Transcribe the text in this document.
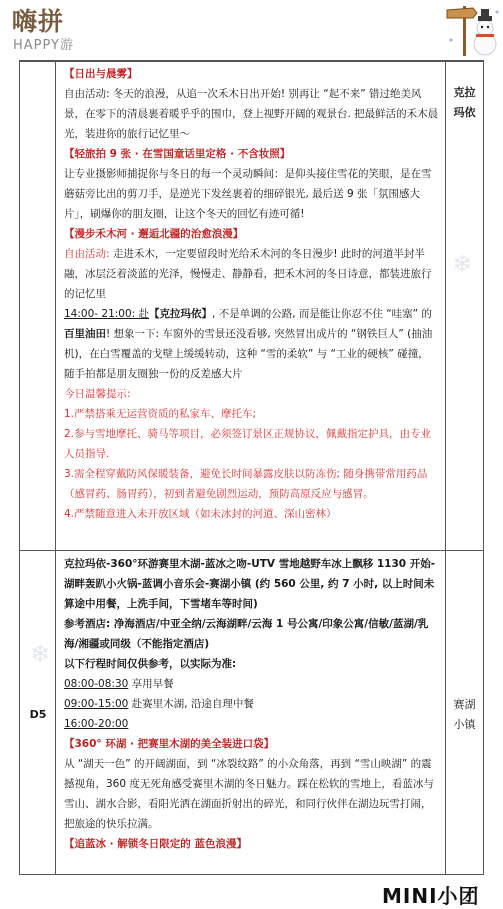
嗨拼
HAPPY游
❄
❄
克拉
玛依

【日出与晨雾】

自由活动: 冬天的浪漫，从追一次禾木日出开始! 别再让 “起不来” 错过绝美风景，在零下的清晨裹着暖乎乎的围巾，登上视野开阔的观景台. 把最鲜活的禾木晨光，装进你的旅行记忆里～

【轻旅拍 9 张 · 在雪国童话里定格 · 不含妆照】

让专业摄影师捕捉你与冬日的每一个灵动瞬间：是仰头接住雪花的笑眼，是在雪蘑菇旁比出的剪刀手，是逆光下发丝裹着的细碎银光, 最后送 9 张「氛围感大片」，刷爆你的朋友圈，让这个冬天的回忆有迹可循!

【漫步禾木河 · 邂逅北疆的治愈浪漫】

自由活动: 走进禾木，一定要留段时光给禾木河的冬日漫步! 此时的河道半封半融，冰层泛着淡蓝的光泽，慢慢走、静静看，把禾木河的冬日诗意，都装进旅行的记忆里

14:00- 21:00: 赴【克拉玛依】, 不是单调的公路, 而是能让你忍不住 “哇塞” 的百里油田! 想象一下: 车窗外的雪景还没看够, 突然冒出成片的 “钢铁巨人” (抽油机)，在白雪覆盖的戈壁上缓缓转动，这种 “雪的柔软” 与 “工业的硬核” 碰撞，随手拍都是朋友圈独一份的反差感大片

今日温馨提示:

1.严禁搭乘无运营资质的私家车、摩托车;

2.参与雪地摩托、骑马等项目，必须签订景区正规协议，佩戴指定护具，由专业人员指导.

3.需全程穿戴防风保暖装备，避免长时间暴露皮肤以防冻伤; 随身携带常用药品（感冒药、肠胃药），初到者避免剧烈运动，预防高原反应与感冒。

4.严禁随意进入未开放区域（如未冰封的河道、深山密林）

D5
赛湖
小镇

克拉玛依-360°环游赛里木湖-蓝冰之吻-UTV 雪地越野车冰上飘移 1130 开始-湖畔轰趴小火锅-蓝调小音乐会-赛湖小镇 (约 560 公里, 约 7 小时, 以上时间未算途中用餐，上洗手间，下雪堵车等时间)

参考酒店: 净海酒店/中亚全纳/云海湖畔/云海 1 号公寓/印象公寓/信敏/蓝湖/乳海/湘疆或同级（不能指定酒店)

以下行程时间仅供参考，以实际为准:

08:00-08:30 享用早餐

09:00-15:00 赴赛里木湖, 沿途自理中餐

16:00-20:00

【360° 环湖 · 把赛里木湖的美全装进口袋】

从 “湖天一色” 的开阔湖面，到 “冰裂纹路” 的小众角落，再到 “雪山映湖” 的震撼视角，360 度无死角感受赛里木湖的冬日魅力。踩在松软的雪地上，看蓝冰与雪山、湖水合影，看阳光洒在湖面折射出的碎光，和同行伙伴在湖边玩雪打闹，把旅途的快乐拉满。

【追蓝冰 · 解锁冬日限定的 蓝色浪漫】

MINI小团
